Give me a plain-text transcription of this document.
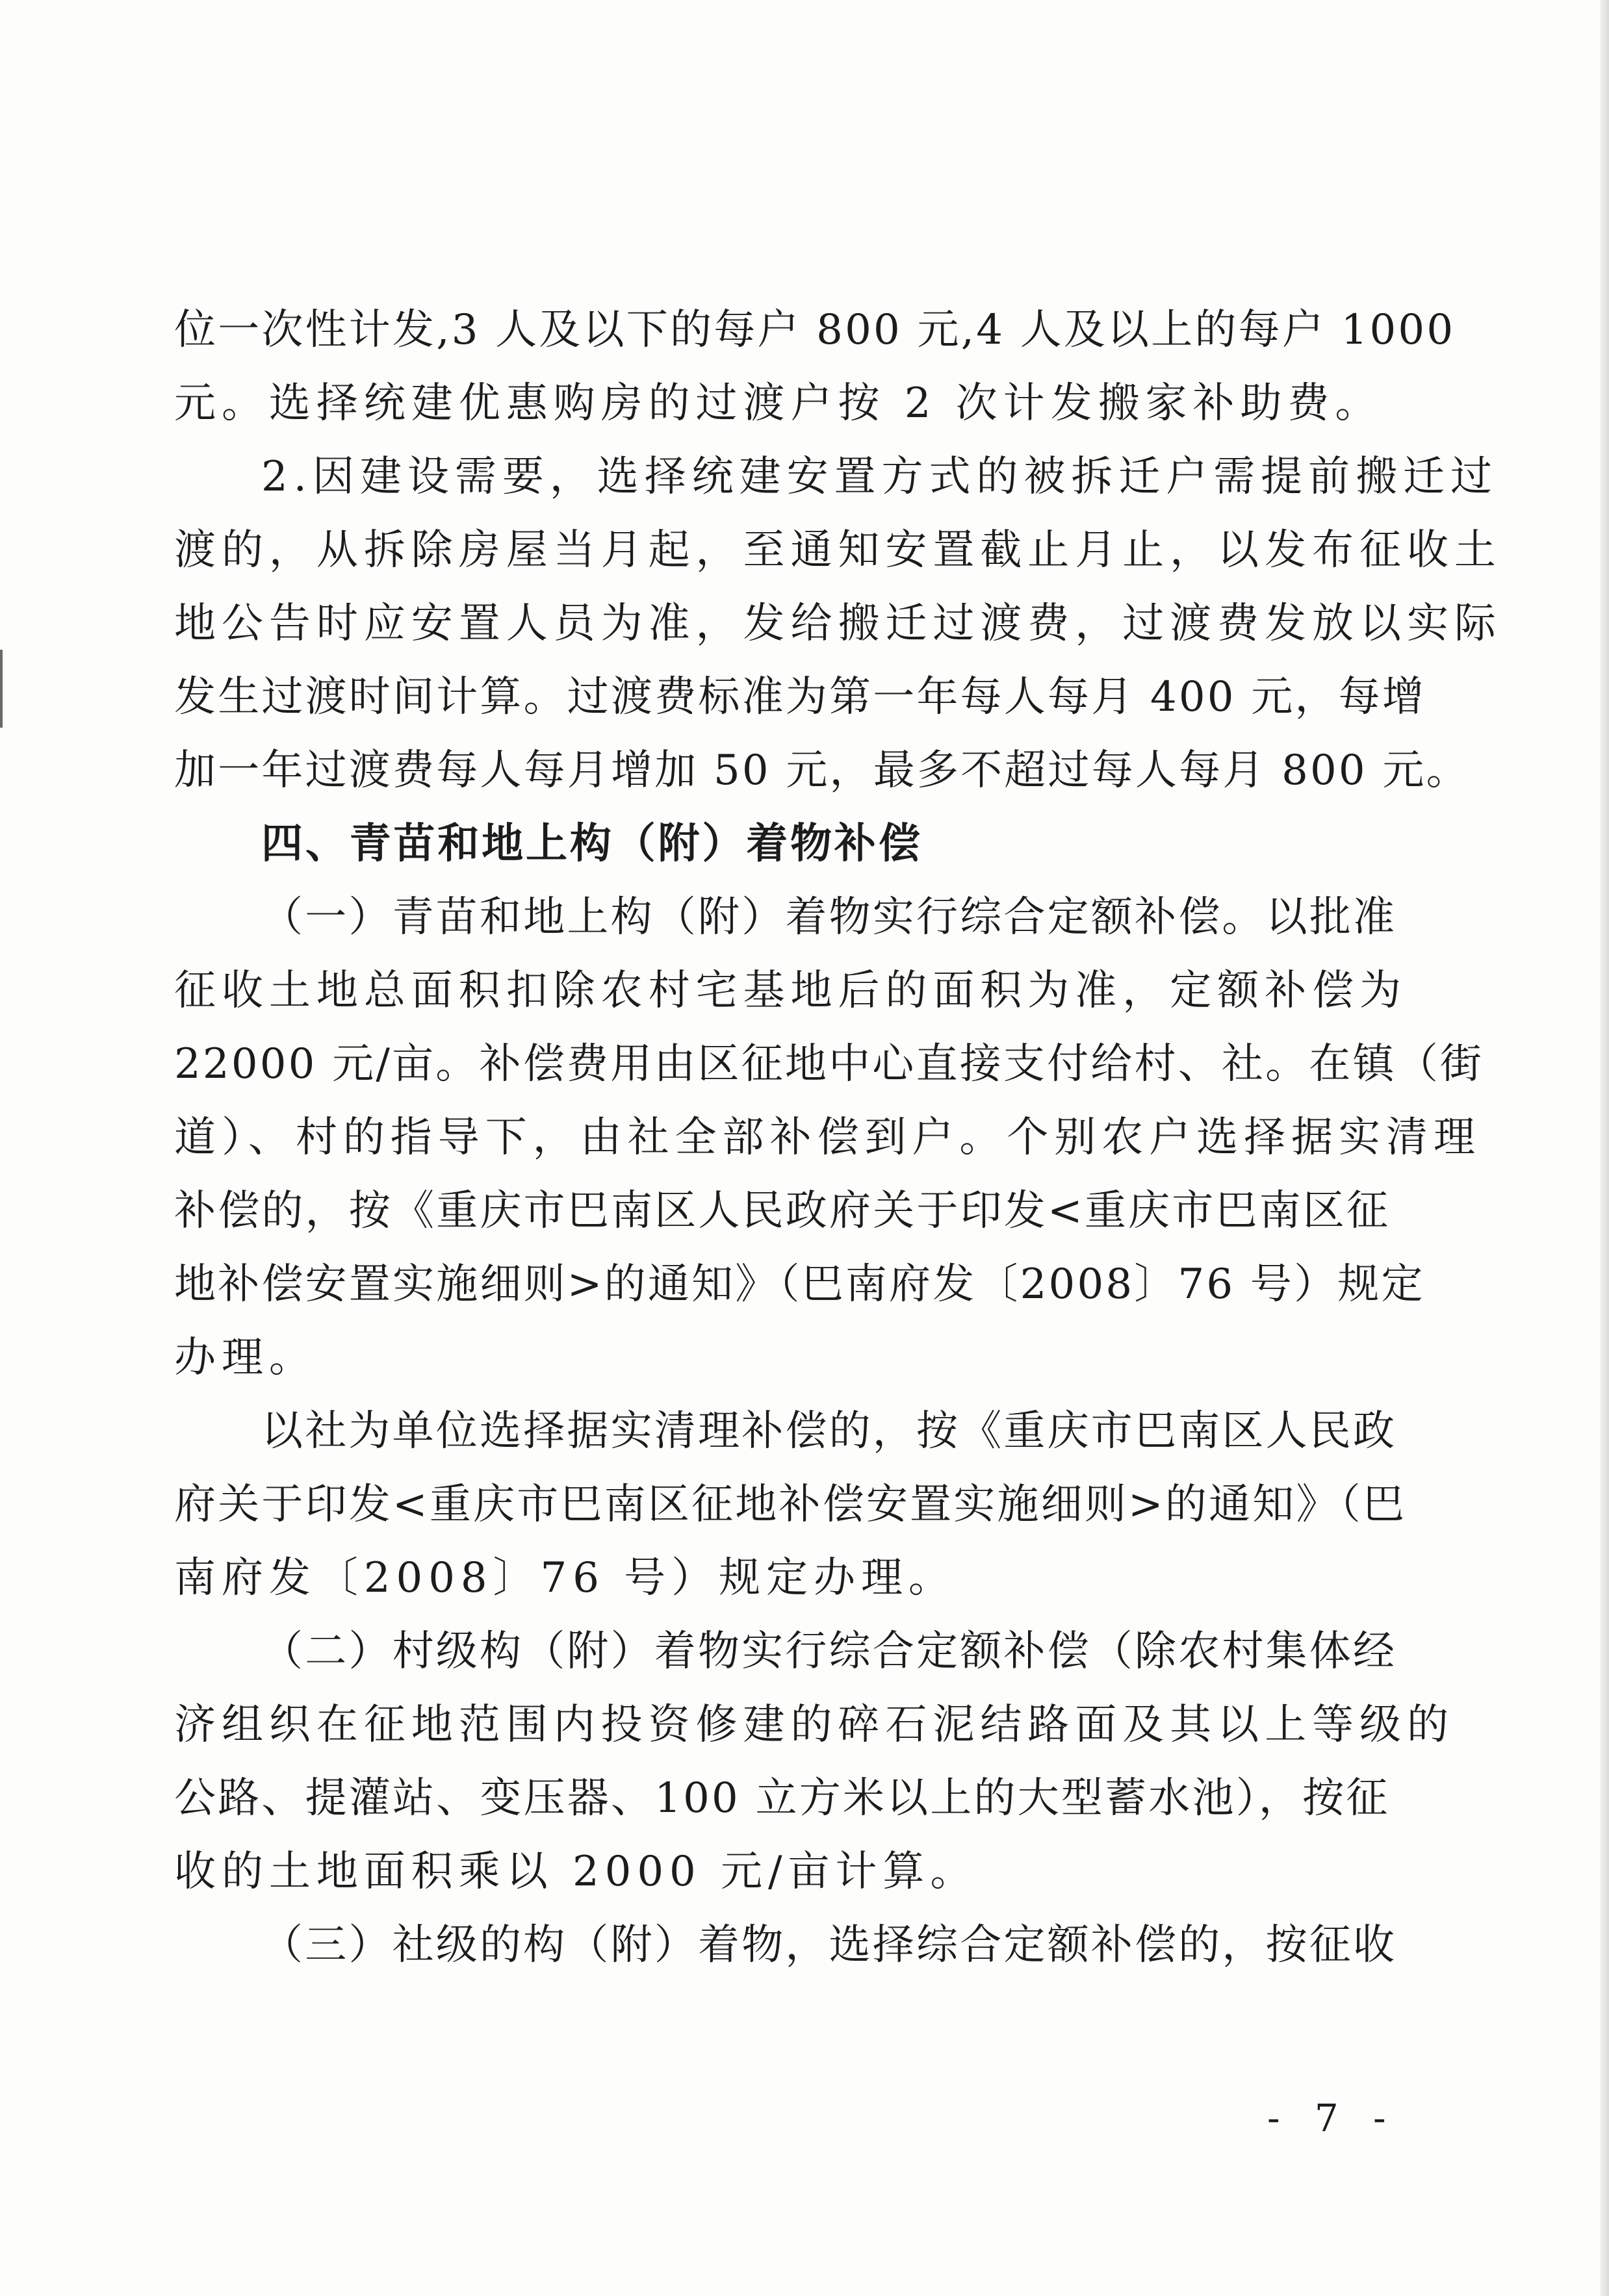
位一次性计发,3 人及以下的每户 800 元,4 人及以上的每户 1000
元。选择统建优惠购房的过渡户按 2 次计发搬家补助费。
2.因建设需要，选择统建安置方式的被拆迁户需提前搬迁过
渡的，从拆除房屋当月起，至通知安置截止月止，以发布征收土
地公告时应安置人员为准，发给搬迁过渡费，过渡费发放以实际
发生过渡时间计算。过渡费标准为第一年每人每月 400 元，每增
加一年过渡费每人每月增加 50 元，最多不超过每人每月 800 元。
四、青苗和地上构（附）着物补偿
（一）青苗和地上构（附）着物实行综合定额补偿。以批准
征收土地总面积扣除农村宅基地后的面积为准，定额补偿为
22000 元/亩。补偿费用由区征地中心直接支付给村、社。在镇（街
道）、村的指导下，由社全部补偿到户。个别农户选择据实清理
补偿的，按《重庆市巴南区人民政府关于印发<重庆市巴南区征
地补偿安置实施细则>的通知》（巴南府发〔2008〕76 号）规定
办理。
以社为单位选择据实清理补偿的，按《重庆市巴南区人民政
府关于印发<重庆市巴南区征地补偿安置实施细则>的通知》（巴
南府发〔2008〕76 号）规定办理。
（二）村级构（附）着物实行综合定额补偿（除农村集体经
济组织在征地范围内投资修建的碎石泥结路面及其以上等级的
公路、提灌站、变压器、100 立方米以上的大型蓄水池），按征
收的土地面积乘以 2000 元/亩计算。
（三）社级的构（附）着物，选择综合定额补偿的，按征收
- 7 -
